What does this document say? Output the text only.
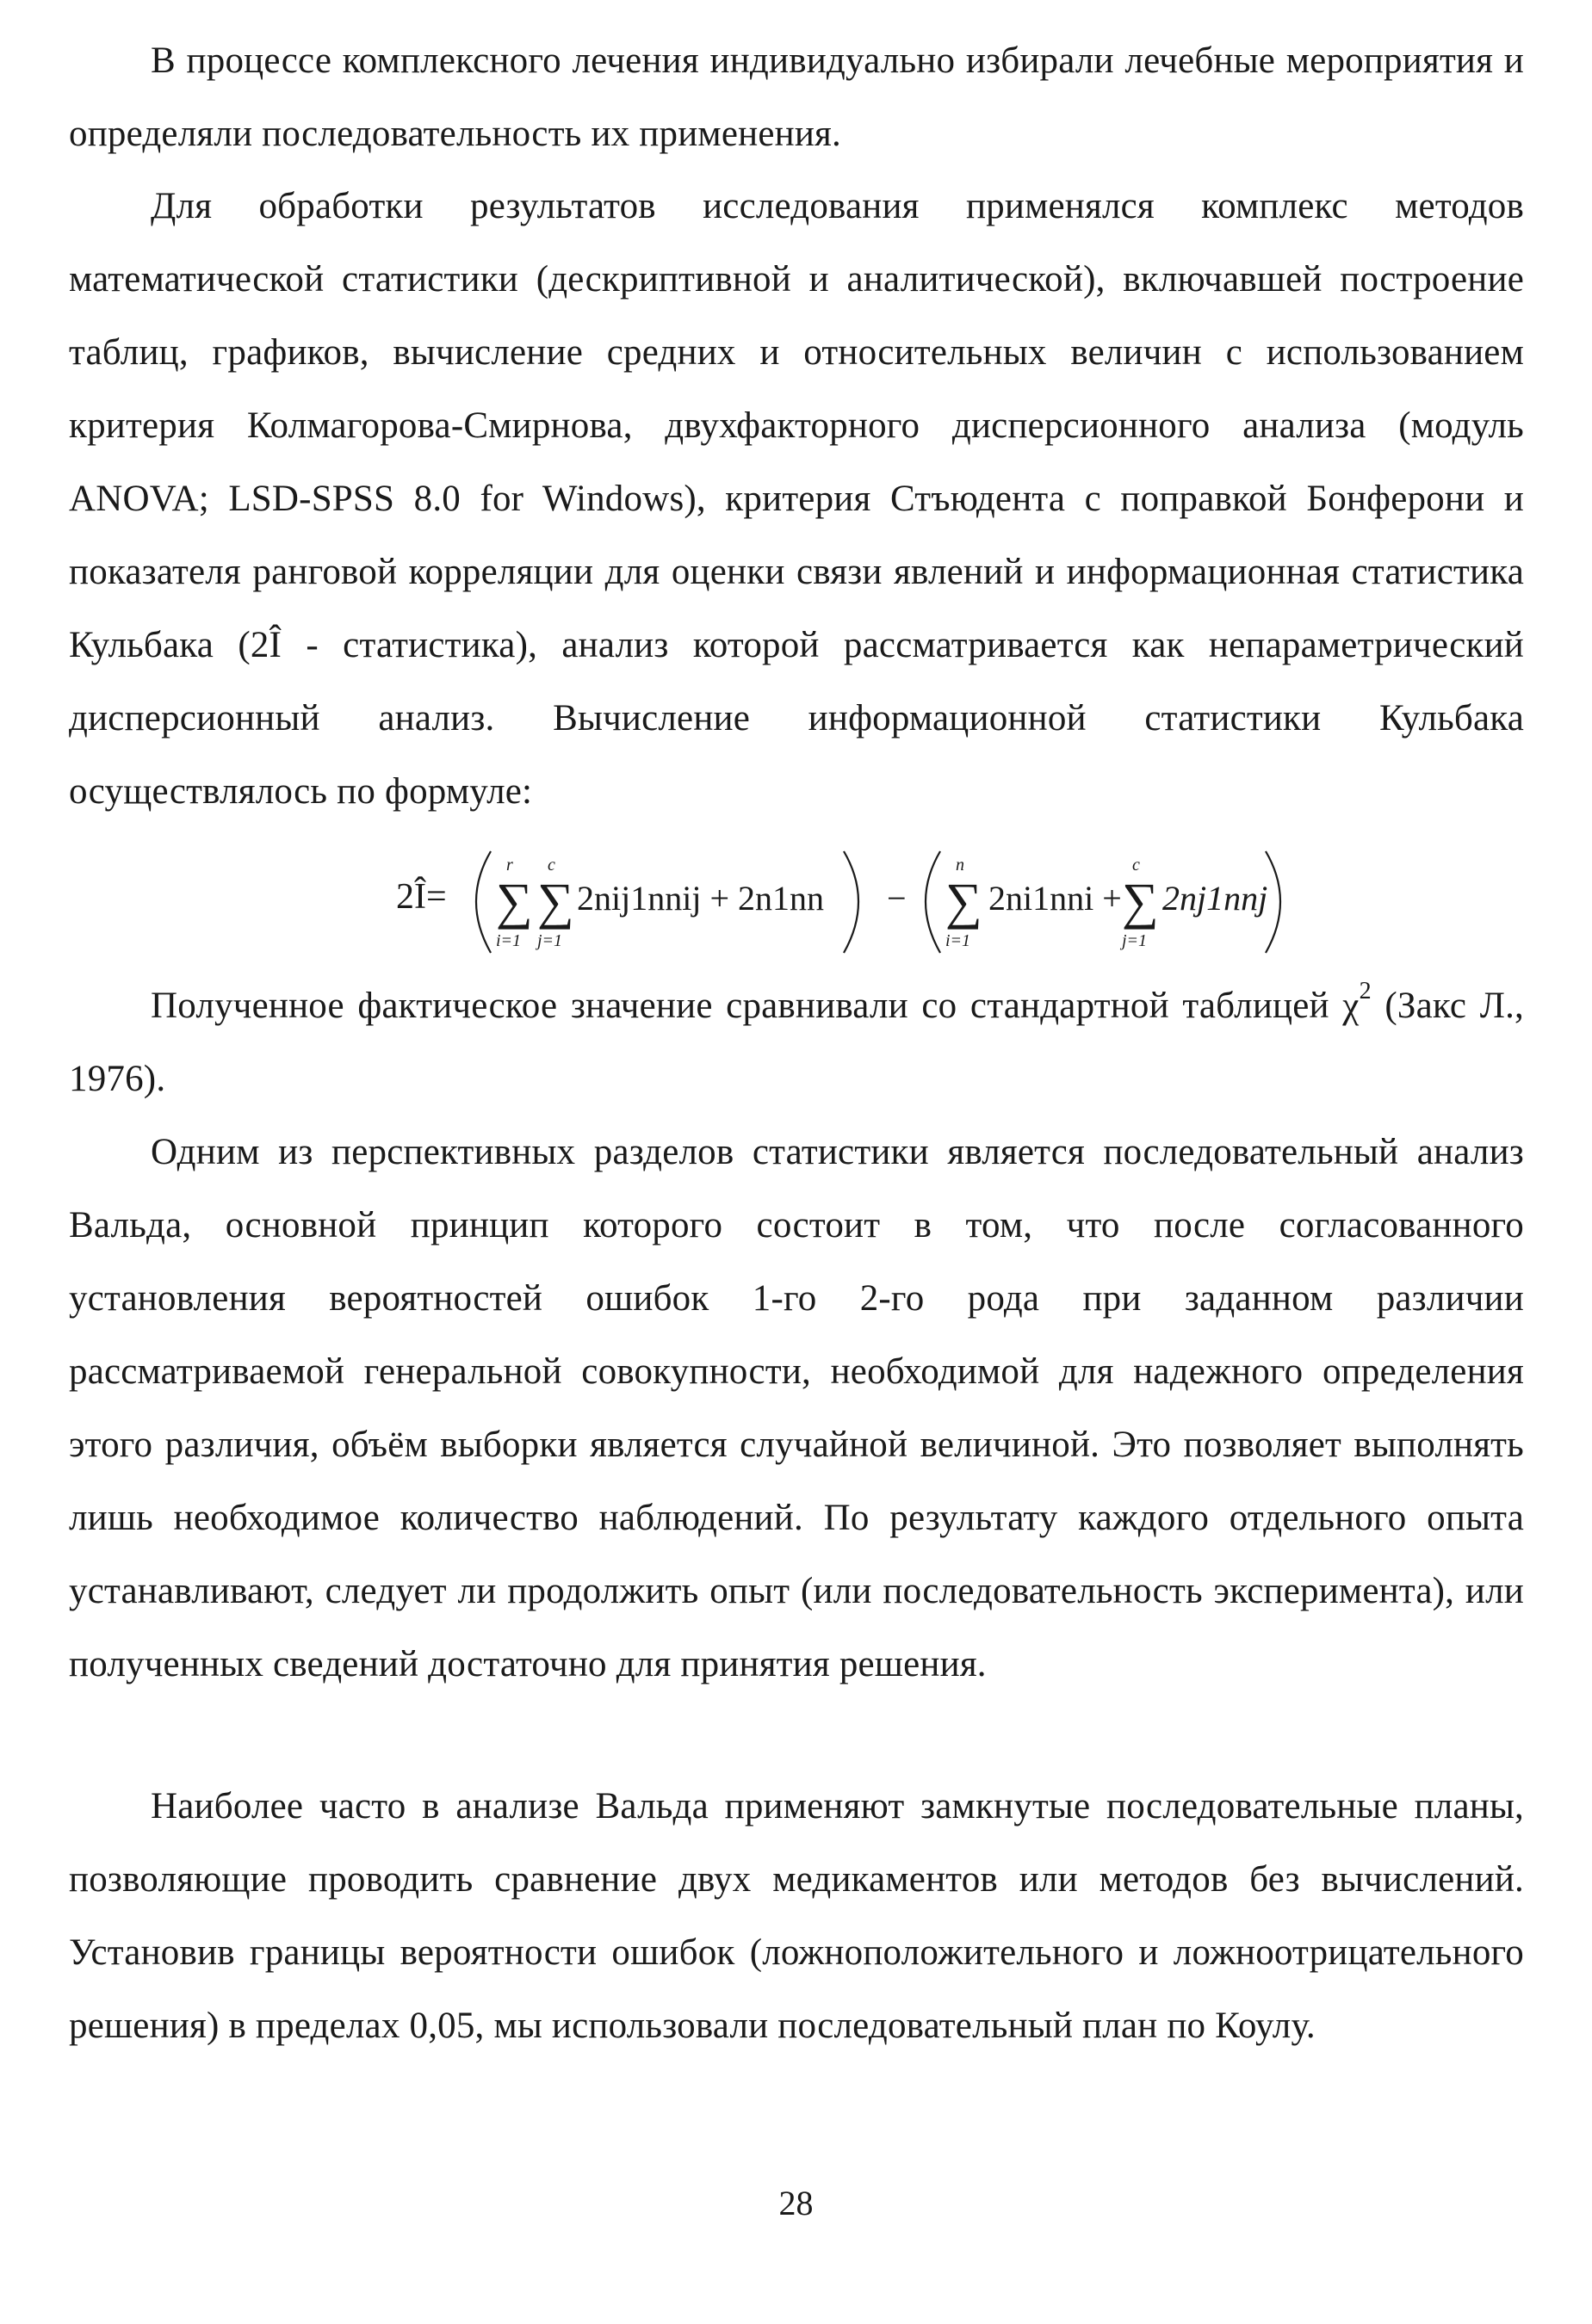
В процессе комплексного лечения индивидуально избирали лечебные мероприятия и определяли последовательность их применения.

Для обработки результатов исследования применялся комплекс методов математической статистики (дескриптивной и аналитической), включавшей построение таблиц, графиков, вычисление средних и относительных величин с использованием критерия Колмагорова-Смирнова, двухфакторного дисперсионного анализа (модуль ANOVA; LSD-SPSS 8.0 for Windows), критерия Стъюдента с поправкой Бонферони и показателя ранговой корреляции для оценки связи явлений и информационная статистика Кульбака (2Î - статистика), анализ которой рассматривается как непараметрический дисперсионный анализ. Вычисление информационной статистики Кульбака осуществлялось по формуле:

2Î=
r
∑
i=1
c
∑
j=1
2nij1nnij + 2n1nn −
n
∑
i=1
2ni1nni +
c
∑
j=1
2nj1nnj

Полученное фактическое значение сравнивали со стандартной таблицей $\chi^2$ (Закс Л., 1976).

Одним из перспективных разделов статистики является последовательный анализ Вальда, основной принцип которого состоит в том, что после согласованного установления вероятностей ошибок 1-го 2-го рода при заданном различии рассматриваемой генеральной совокупности, необходимой для надежного определения этого различия, объём выборки является случайной величиной. Это позволяет выполнять лишь необходимое количество наблюдений. По результату каждого отдельного опыта устанавливают, следует ли продолжить опыт (или последовательность эксперимента), или полученных сведений достаточно для принятия решения.

Наиболее часто в анализе Вальда применяют замкнутые последовательные планы, позволяющие проводить сравнение двух медикаментов или методов без вычислений. Установив границы вероятности ошибок (ложноположительного и ложноотрицательного решения) в пределах 0,05, мы использовали последовательный план по Коулу.

28
